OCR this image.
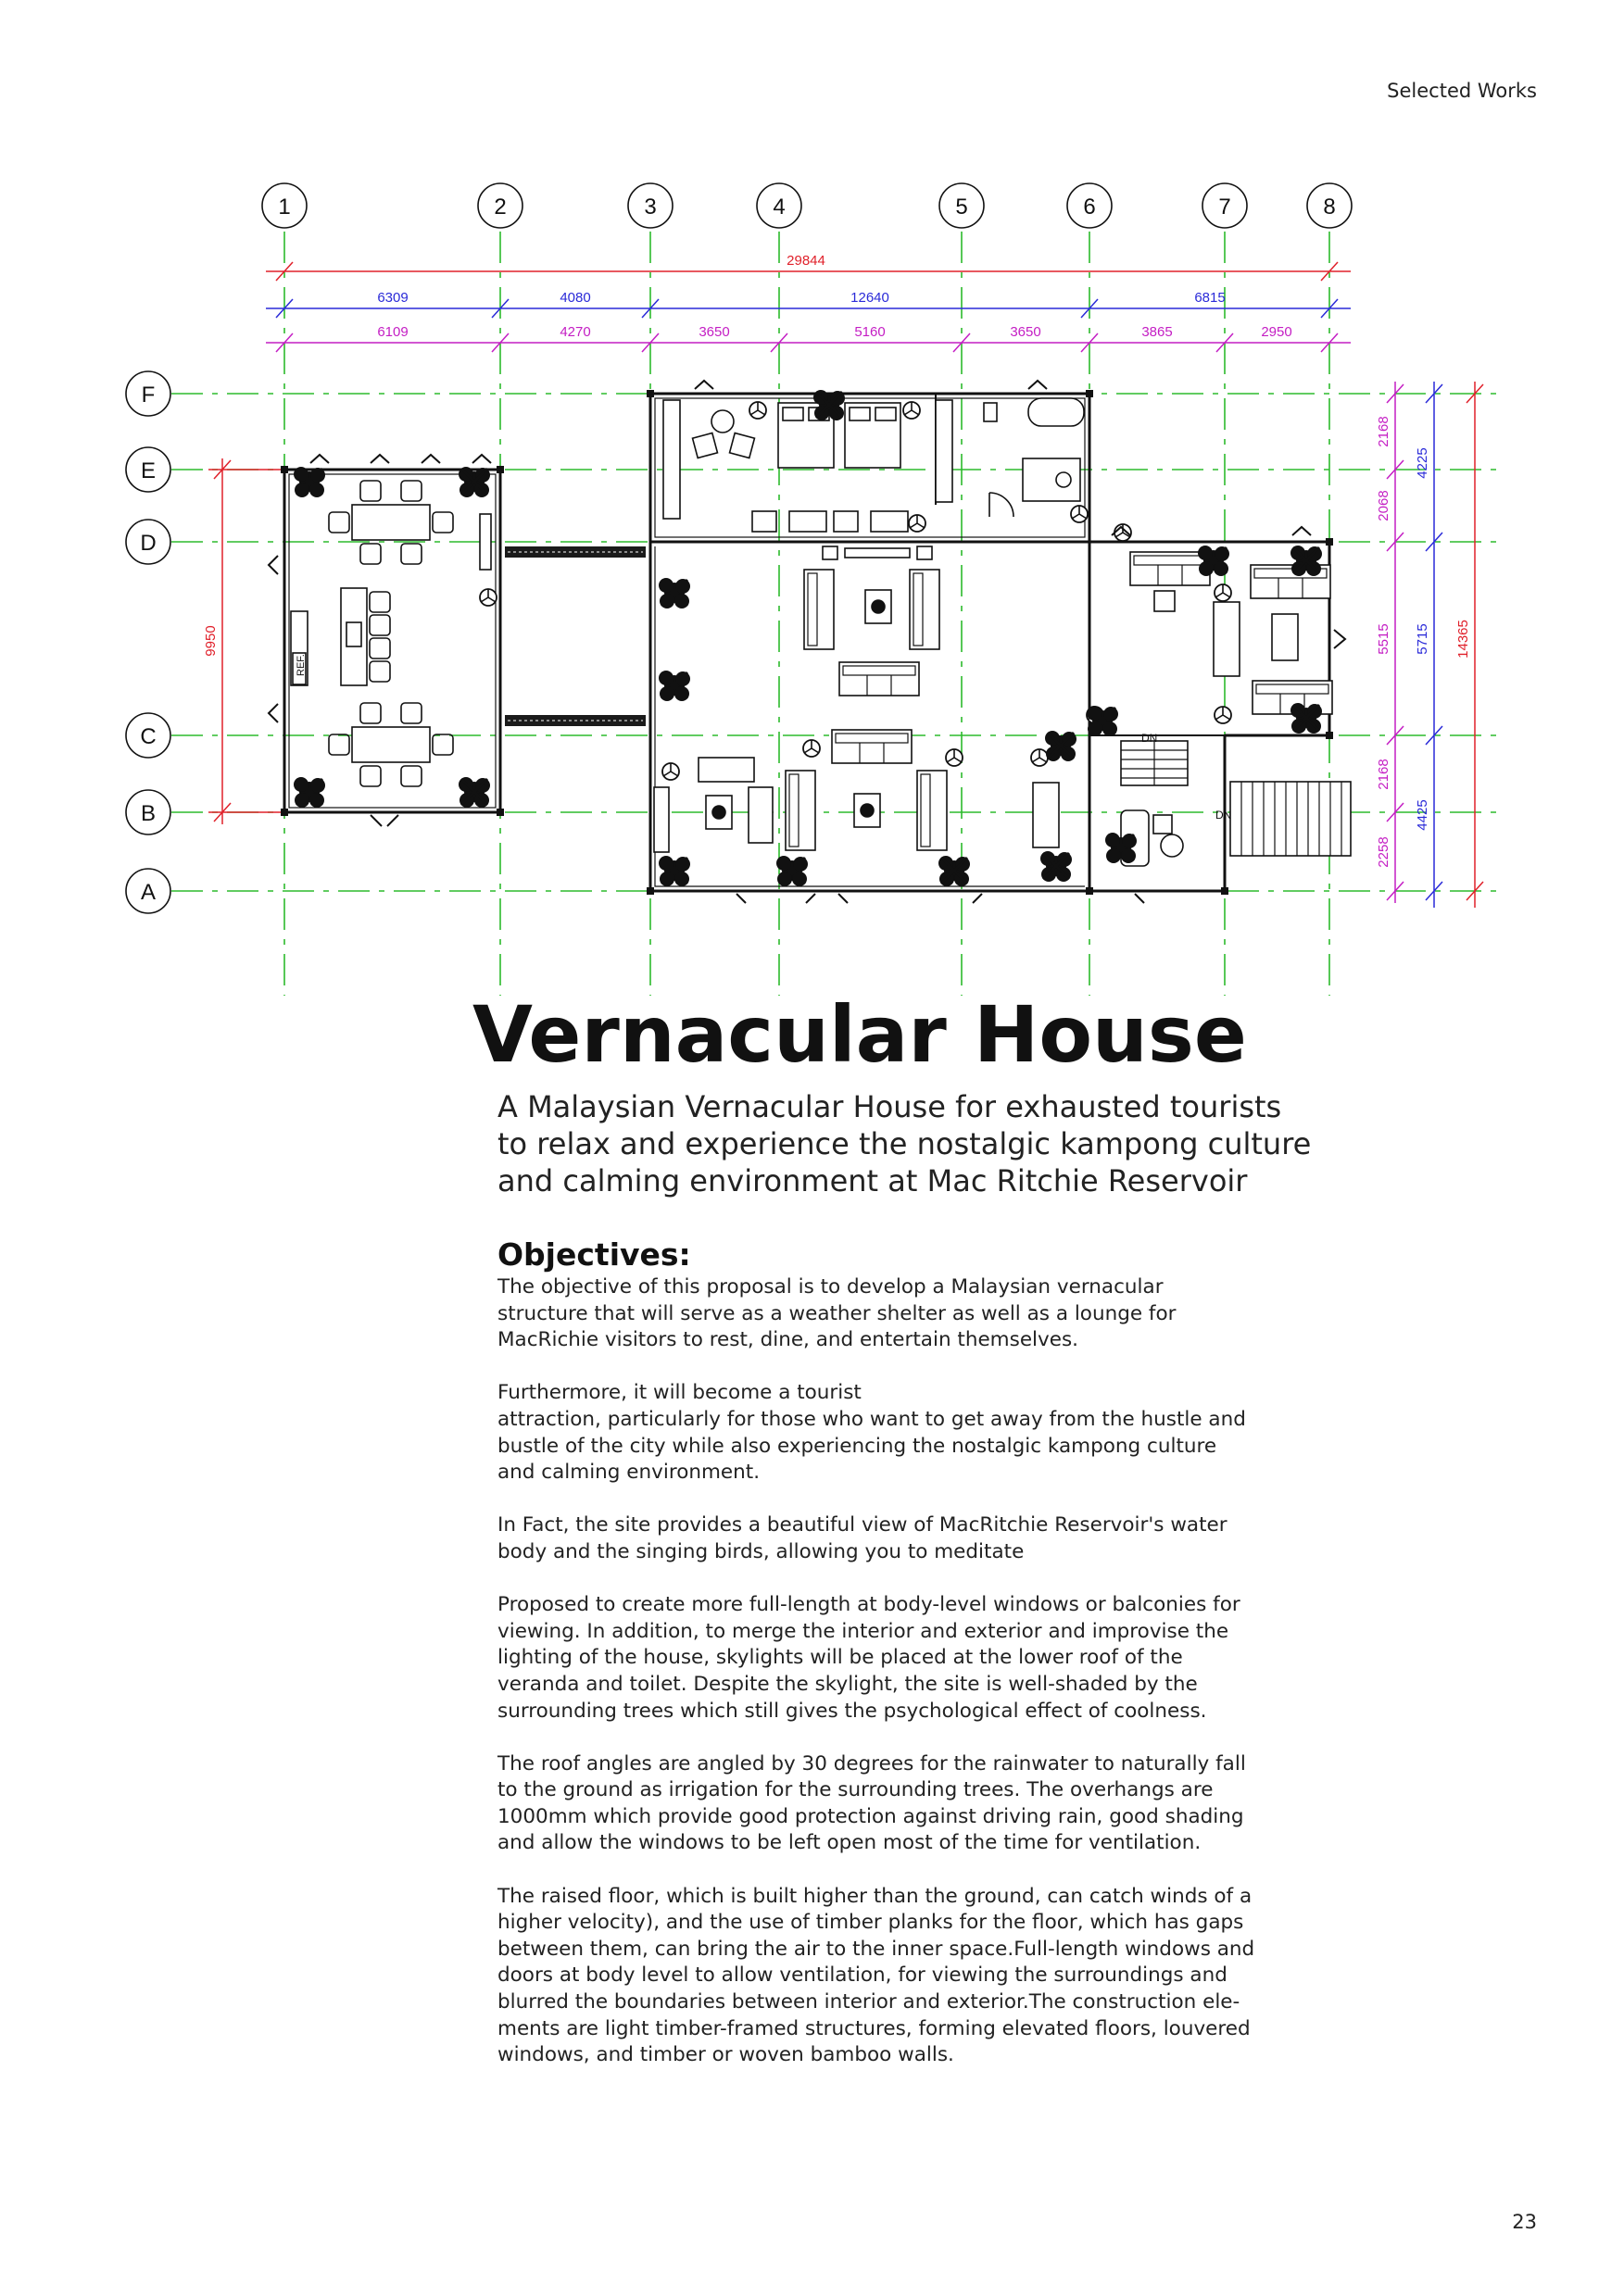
Selected Works
1	2	3	4	5	6	7	8
F
E
D
C
B
A
29844
6309	4080	12640	6815
6109	4270	3650	5160	3650	3865	2950
9950
2168
2068
5515
2168
2258
4225
5715
4425
14365
REF.
DN
DN
Vernacular House

A Malaysian Vernacular House for exhausted tourists
to relax and experience the nostalgic kampong culture
and calming environment at Mac Ritchie Reservoir

Objectives:

The objective of this proposal is to develop a Malaysian vernacular
structure that will serve as a weather shelter as well as a lounge for
MacRichie visitors to rest, dine, and entertain themselves.

Furthermore, it will become a tourist
attraction, particularly for those who want to get away from the hustle and
bustle of the city while also experiencing the nostalgic kampong culture
and calming environment.

In Fact, the site provides a beautiful view of MacRitchie Reservoir's water
body and the singing birds, allowing you to meditate

Proposed to create more full-length at body-level windows or balconies for
viewing. In addition, to merge the interior and exterior and improvise the
lighting of the house, skylights will be placed at the lower roof of the
veranda and toilet. Despite the skylight, the site is well-shaded by the
surrounding trees which still gives the psychological effect of coolness.

The roof angles are angled by 30 degrees for the rainwater to naturally fall
to the ground as irrigation for the surrounding trees. The overhangs are
1000mm which provide good protection against driving rain, good shading
and allow the windows to be left open most of the time for ventilation.

The raised floor, which is built higher than the ground, can catch winds of a
higher velocity), and the use of timber planks for the floor, which has gaps
between them, can bring the air to the inner space.Full-length windows and
doors at body level to allow ventilation, for viewing the surroundings and
blurred the boundaries between interior and exterior.The construction ele-
ments are light timber-framed structures, forming elevated floors, louvered
windows, and timber or woven bamboo walls.

23
